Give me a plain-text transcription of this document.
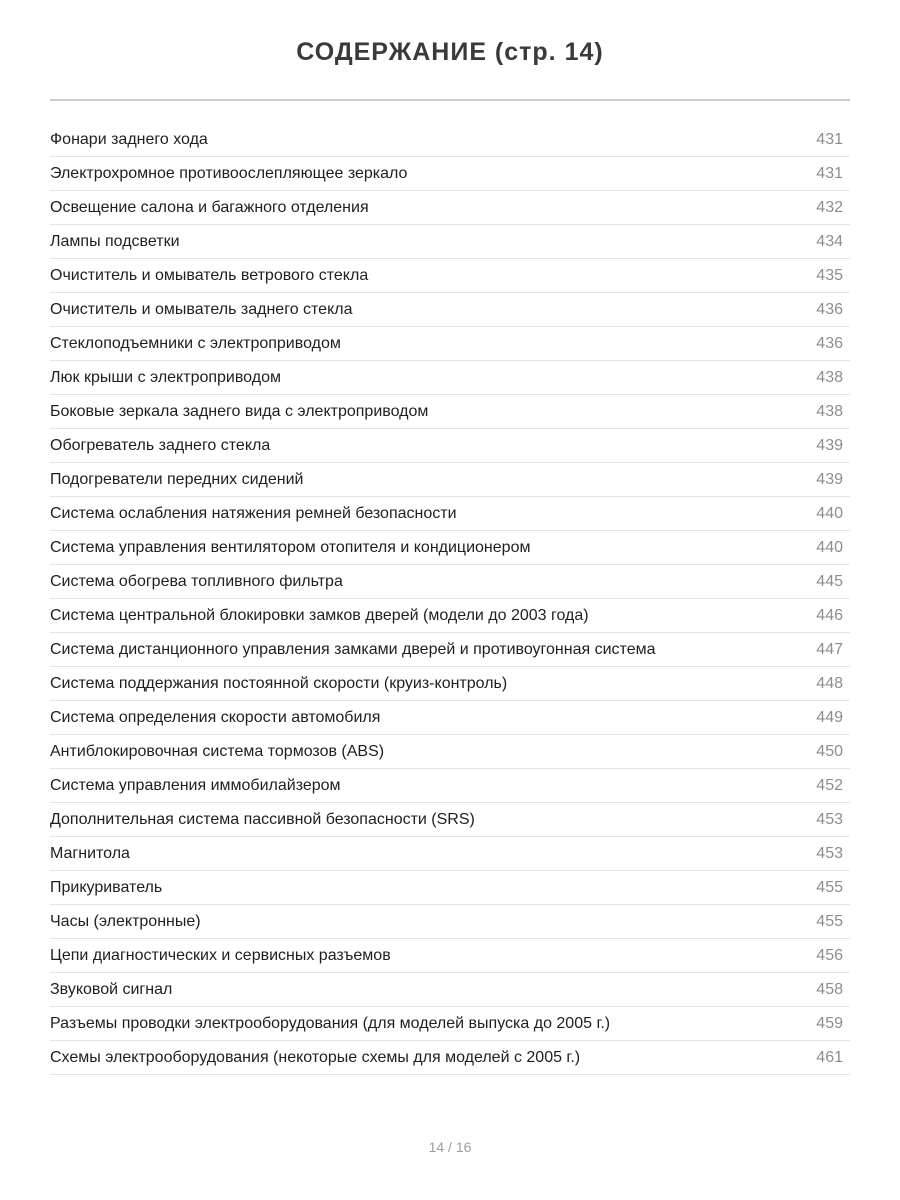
СОДЕРЖАНИЕ (стр. 14)
Фонари заднего хода	431
Электрохромное противоослепляющее зеркало	431
Освещение салона и багажного отделения	432
Лампы подсветки	434
Очиститель и омыватель ветрового стекла	435
Очиститель и омыватель заднего стекла	436
Стеклоподъемники с электроприводом	436
Люк крыши с электроприводом	438
Боковые зеркала заднего вида с электроприводом	438
Обогреватель заднего стекла	439
Подогреватели передних сидений	439
Система ослабления натяжения ремней безопасности	440
Система управления вентилятором отопителя и кондиционером	440
Система обогрева топливного фильтра	445
Система центральной блокировки замков дверей (модели до 2003 года)	446
Система дистанционного управления замками дверей и противоугонная система	447
Система поддержания постоянной скорости (круиз-контроль)	448
Система определения скорости автомобиля	449
Антиблокировочная система тормозов (ABS)	450
Система управления иммобилайзером	452
Дополнительная система пассивной безопасности (SRS)	453
Магнитола	453
Прикуриватель	455
Часы (электронные)	455
Цепи диагностических и сервисных разъемов	456
Звуковой сигнал	458
Разъемы проводки электрооборудования (для моделей выпуска до 2005 г.)	459
Схемы электрооборудования (некоторые схемы для моделей с 2005 г.)	461
14 / 16
